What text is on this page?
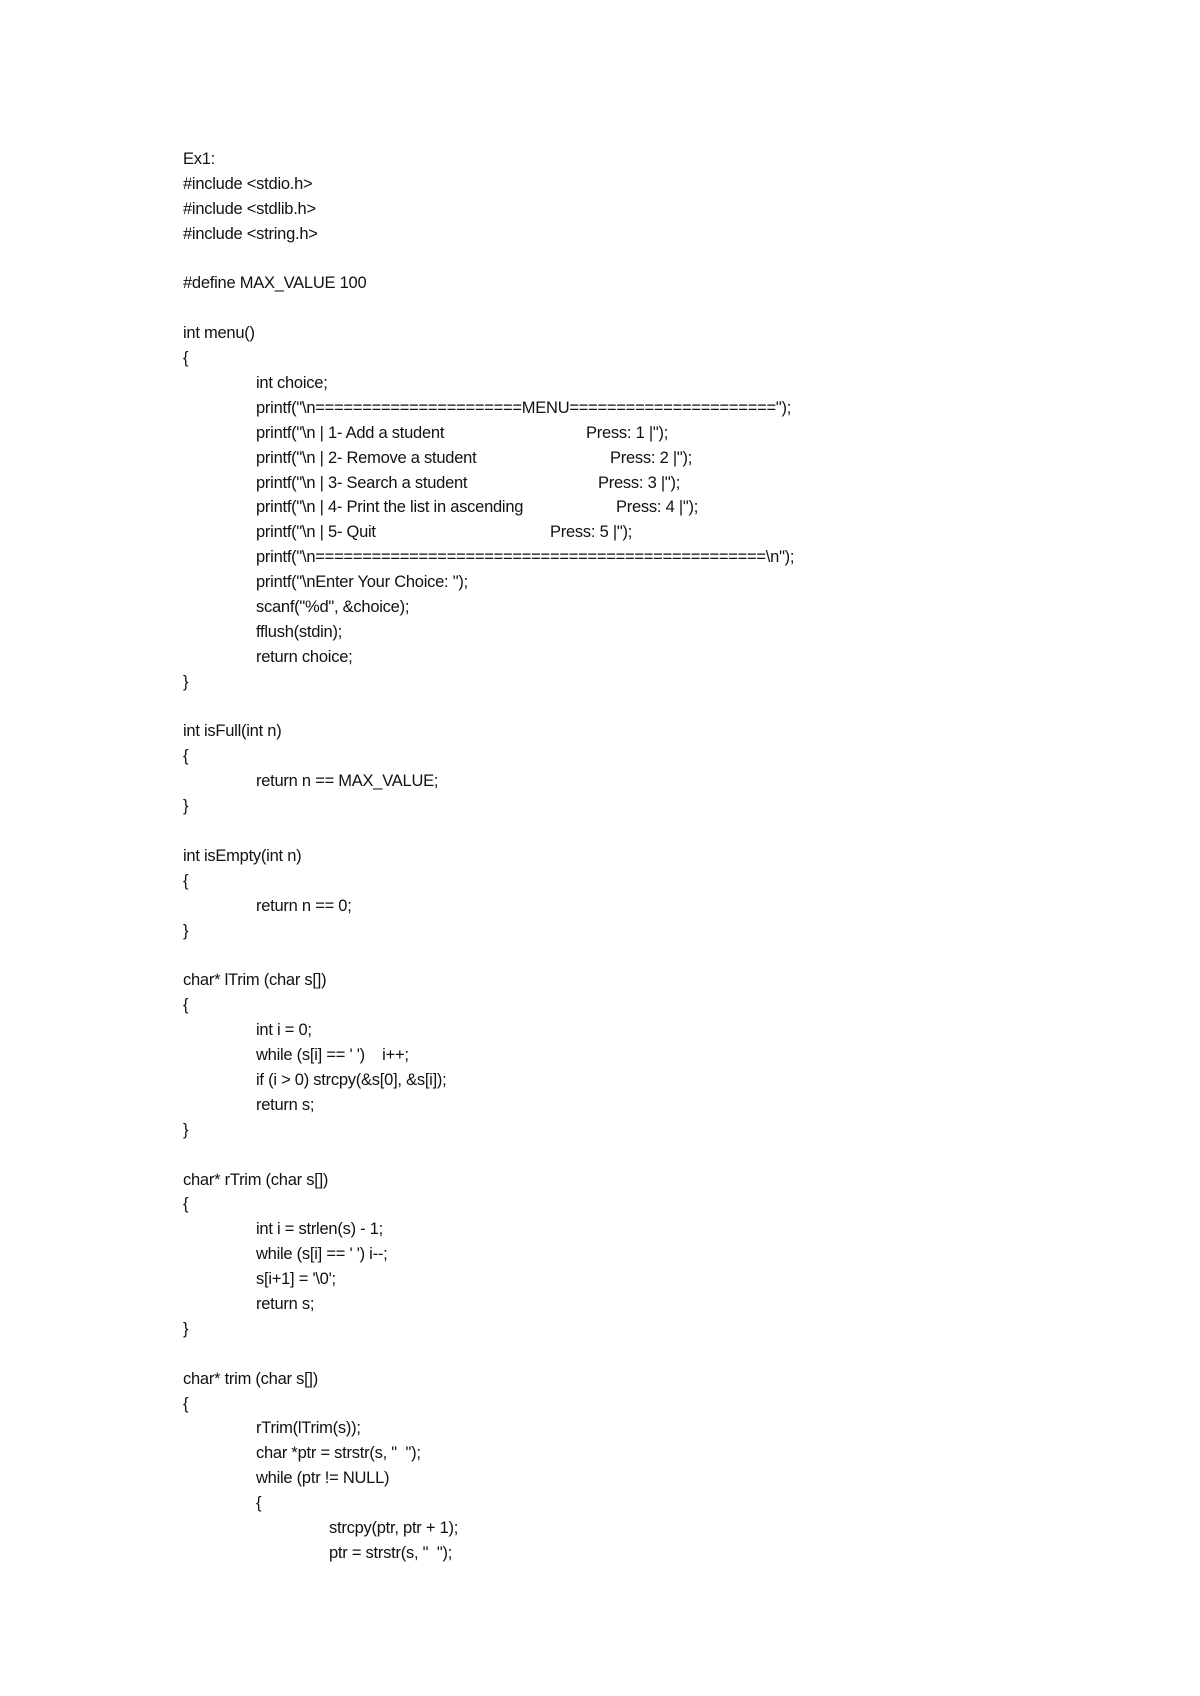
Ex1:
#include <stdio.h>
#include <stdlib.h>
#include <string.h>
#define MAX_VALUE 100
int menu()
{
int choice;
printf("\n======================MENU======================");
printf("\n | 1- Add a student	Press: 1 |");
printf("\n | 2- Remove a student	Press: 2 |");
printf("\n | 3- Search a student	Press: 3 |");
printf("\n | 4- Print the list in ascending	Press: 4 |");
printf("\n | 5- Quit	Press: 5 |");
printf("\n================================================\n");
printf("\nEnter Your Choice: ");
scanf("%d", &choice);
fflush(stdin);
return choice;
}
int isFull(int n)
{
return n == MAX_VALUE;
}
int isEmpty(int n)
{
return n == 0;
}
char* lTrim (char s[])
{
int i = 0;
while (s[i] == ' ')    i++;
if (i > 0) strcpy(&s[0], &s[i]);
return s;
}
char* rTrim (char s[])
{
int i = strlen(s) - 1;
while (s[i] == ' ') i--;
s[i+1] = '\0';
return s;
}
char* trim (char s[])
{
rTrim(lTrim(s));
char *ptr = strstr(s, "  ");
while (ptr != NULL)
{
strcpy(ptr, ptr + 1);
ptr = strstr(s, "  ");
